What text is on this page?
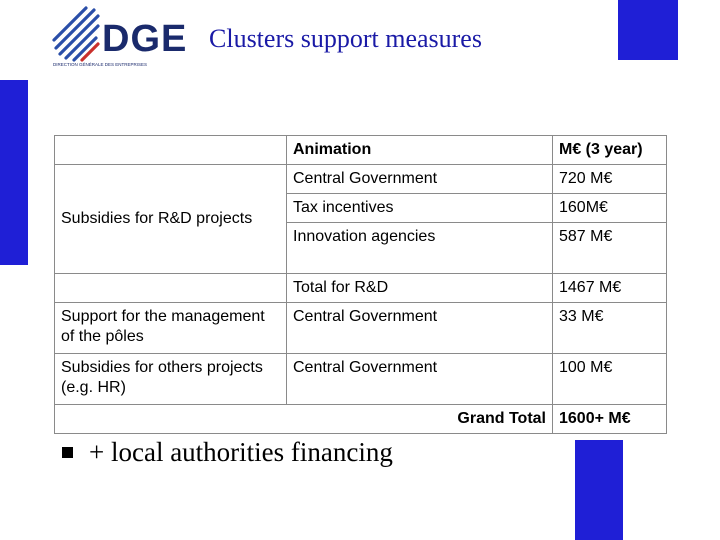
DGE
DIRECTION GÉNÉRALE DES ENTREPRISES
Clusters support measures
	Animation	M€ (3 year)
Subsidies for R&D projects	Central Government	720 M€
	Tax incentives	160M€
	Innovation agencies	587 M€
	Total for R&D	1467 M€
Support for the management of the pôles	Central Government	33 M€
Subsidies for others projects (e.g. HR)	Central Government	100 M€
Grand Total		1600+ M€
+ local authorities financing
